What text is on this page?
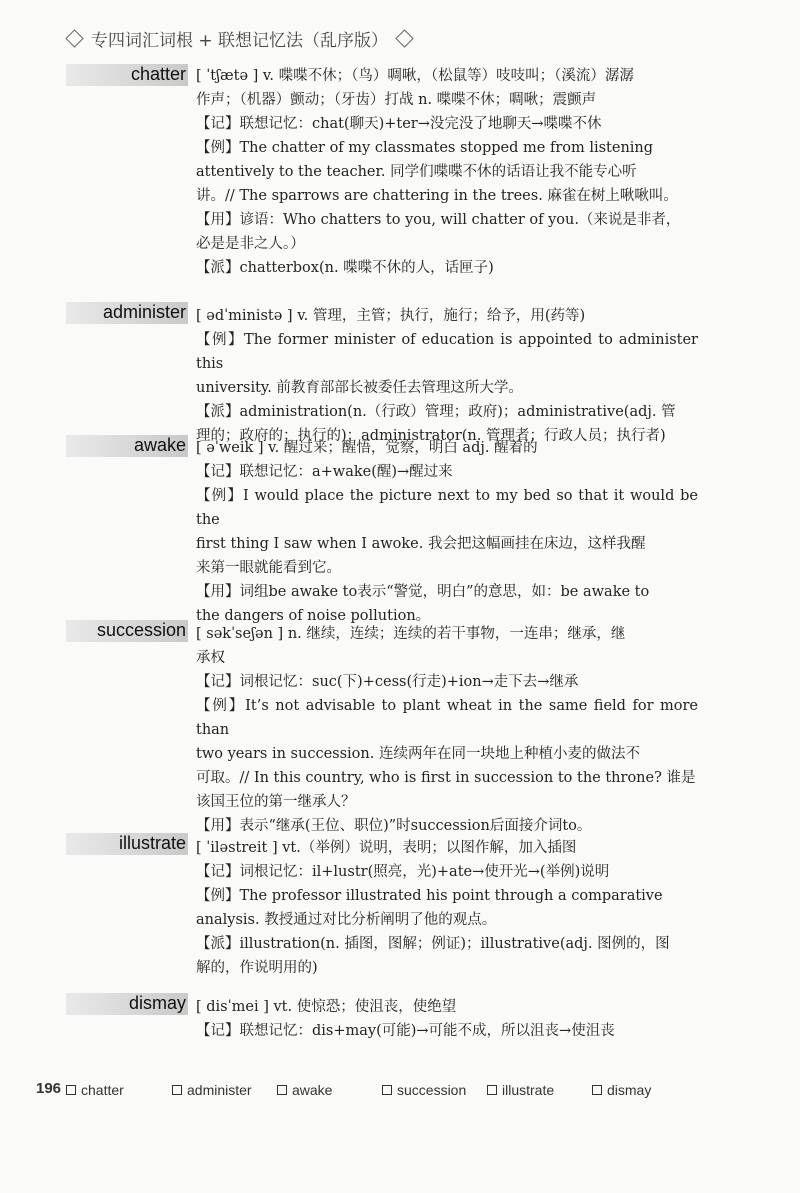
专四词汇词根 + 联想记忆法（乱序版）
chatter [ ˈtʃætə ] v. 喋喋不休；（鸟）啁啾，（松鼠等）吱吱叫；（溪流）潺潺

作声；（机器）颤动；（牙齿）打战 n. 喋喋不休；啁啾；震颤声

【记】联想记忆：chat(聊天)+ter→没完没了地聊天→喋喋不休

【例】The chatter of my classmates stopped me from listening

attentively to the teacher. 同学们喋喋不休的话语让我不能专心听

讲。// The sparrows are chattering in the trees. 麻雀在树上啾啾叫。

【用】谚语：Who chatters to you, will chatter of you.（来说是非者，

必是是非之人。）

【派】chatterbox(n. 喋喋不休的人，话匣子)

administer [ ədˈministə ] v. 管理，主管；执行，施行；给予，用(药等)

【例】The former minister of education is appointed to administer this

university. 前教育部部长被委任去管理这所大学。

【派】administration(n.（行政）管理；政府)；administrative(adj. 管

理的；政府的；执行的)；administrator(n. 管理者；行政人员；执行者)

awake [ əˈweik ] v. 醒过来；醒悟，觉察，明白 adj. 醒着的

【记】联想记忆：a+wake(醒)→醒过来

【例】I would place the picture next to my bed so that it would be the

first thing I saw when I awoke. 我会把这幅画挂在床边，这样我醒

来第一眼就能看到它。

【用】词组be awake to表示“警觉，明白”的意思，如：be awake to

the dangers of noise pollution。

succession [ səkˈseʃən ] n. 继续，连续；连续的若干事物，一连串；继承，继

承权

【记】词根记忆：suc(下)+cess(行走)+ion→走下去→继承

【例】It’s not advisable to plant wheat in the same field for more than

two years in succession. 连续两年在同一块地上种植小麦的做法不

可取。// In this country, who is first in succession to the throne? 谁是

该国王位的第一继承人？

【用】表示“继承(王位、职位)”时succession后面接介词to。

illustrate [ ˈiləstreit ] vt.（举例）说明，表明；以图作解，加入插图

【记】词根记忆：il+lustr(照亮，光)+ate→使开光→(举例)说明

【例】The professor illustrated his point through a comparative

analysis. 教授通过对比分析阐明了他的观点。

【派】illustration(n. 插图，图解；例证)；illustrative(adj. 图例的，图

解的，作说明用的)

dismay [ disˈmei ] vt. 使惊恐；使沮丧，使绝望

【记】联想记忆：dis+may(可能)→可能不成，所以沮丧→使沮丧

196	chatter	administer	awake	succession	illustrate	dismay
